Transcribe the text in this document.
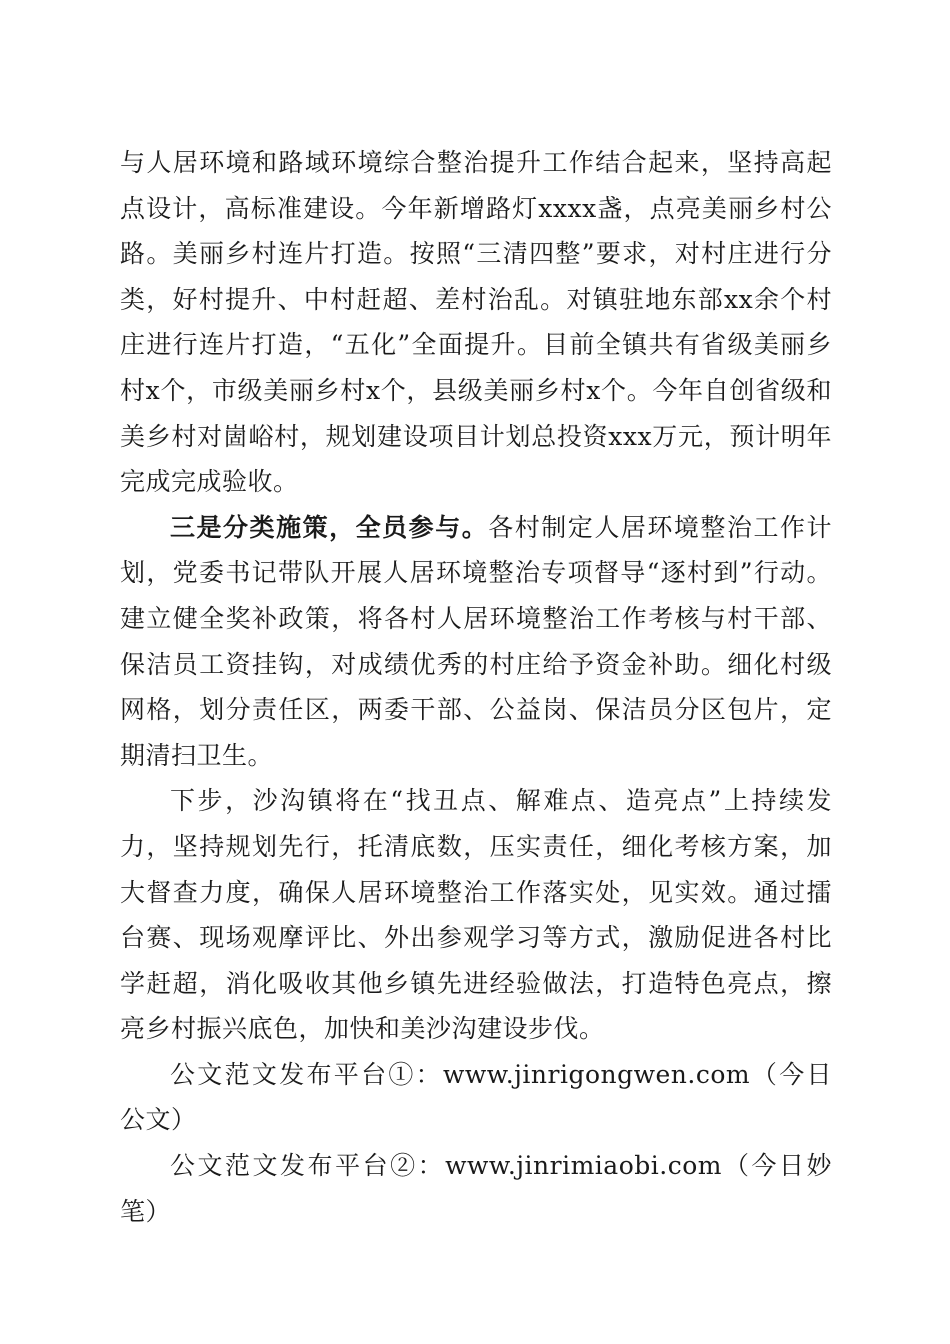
与人居环境和路域环境综合整治提升工作结合起来，坚持高起点设计，高标准建设。今年新增路灯xxxx盏，点亮美丽乡村公路。美丽乡村连片打造。按照“三清四整”要求，对村庄进行分类，好村提升、中村赶超、差村治乱。对镇驻地东部xx余个村庄进行连片打造，“五化”全面提升。目前全镇共有省级美丽乡村x个，市级美丽乡村x个，县级美丽乡村x个。今年自创省级和美乡村对崮峪村，规划建设项目计划总投资xxx万元，预计明年完成完成验收。

三是分类施策，全员参与。各村制定人居环境整治工作计划，党委书记带队开展人居环境整治专项督导“逐村到”行动。建立健全奖补政策，将各村人居环境整治工作考核与村干部、保洁员工资挂钩，对成绩优秀的村庄给予资金补助。细化村级网格，划分责任区，两委干部、公益岗、保洁员分区包片，定期清扫卫生。

下步，沙沟镇将在“找丑点、解难点、造亮点”上持续发力，坚持规划先行，托清底数，压实责任，细化考核方案，加大督查力度，确保人居环境整治工作落实处，见实效。通过擂台赛、现场观摩评比、外出参观学习等方式，激励促进各村比学赶超，消化吸收其他乡镇先进经验做法，打造特色亮点，擦亮乡村振兴底色，加快和美沙沟建设步伐。

公文范文发布平台①：www.jinrigongwen.com（今日公文）

公文范文发布平台②：www.jinrimiaobi.com（今日妙笔）
